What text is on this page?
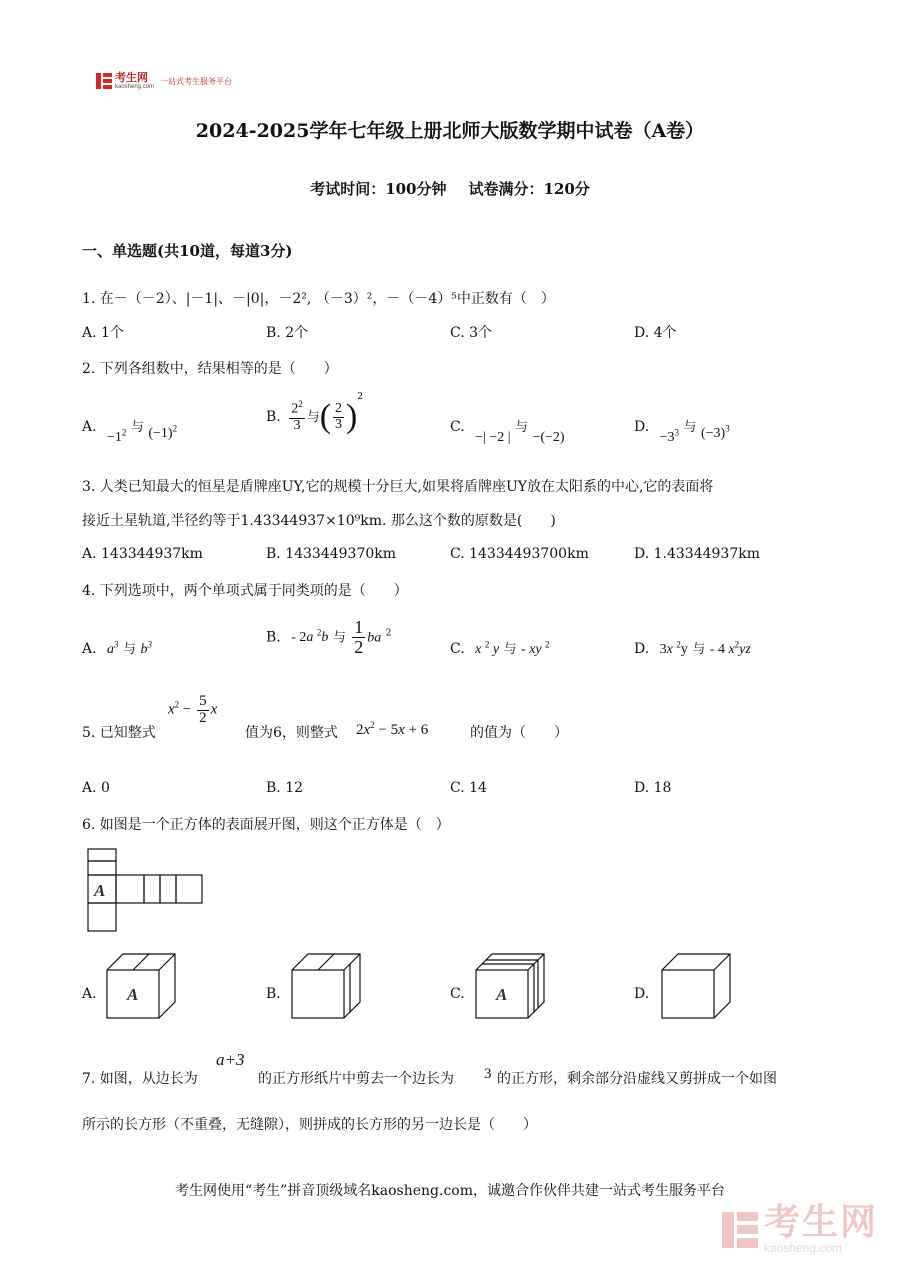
考生网
kaosheng.com
一站式考生服务平台
2024-2025学年七年级上册北师大版数学期中试卷（A卷）
考试时间：100分钟 试卷满分：120分
一、单选题(共10道，每道3分)
1. 在－（－2）、|－1|、－|0|，－2², （－3）²，－（－4）⁵中正数有（　）
A. 1个	B. 2个	C. 3个	D. 4个
2. 下列各组数中，结果相等的是（　　）
A. $-1^2$ 与 $(-1)^2$
B. $\frac{2^2}{3}$ 与( $\frac{2}{3} )^2$
C. −| −2 | 与 −(−2)
D. $-3^3$ 与 $(-3)^3$
3. 人类已知最大的恒星是盾牌座UY,它的规模十分巨大,如果将盾牌座UY放在太阳系的中心,它的表面将
接近土星轨道,半径约等于1.43344937×10⁹km. 那么这个数的原数是(　　)
A. 143344937km	B. 1433449370km	C. 14334493700km	D. 1.43344937km
4. 下列选项中，两个单项式属于同类项的是（　　）
A. $a^3$ 与 $b^3$	B. - 2a $^2$b 与 $\frac{1}{2}$ ba $^2$
C. x $^2$ y 与 - xy $^2$	D. 3x $^2$y 与 - 4 $x^2yz$
5. 已知整式
$x^2 - \frac{5}{2}$ x
值为6，则整式 $2x^2 - 5x + 6$	的值为（　　）
A. 0	B. 12	C. 14	D. 18
6. 如图是一个正方体的表面展开图，则这个正方体是（　）
A
A. A	B.	C. A	D.
7. 如图，从边长为
a+3
的正方形纸片中剪去一个边长为 3 的正方形，剩余部分沿虚线又剪拼成一个如图
所示的长方形（不重叠，无缝隙），则拼成的长方形的另一边长是（　　）
考生网使用“考生”拼音顶级域名kaosheng.com，诚邀合作伙伴共建一站式考生服务平台
考生网
kaosheng.com
